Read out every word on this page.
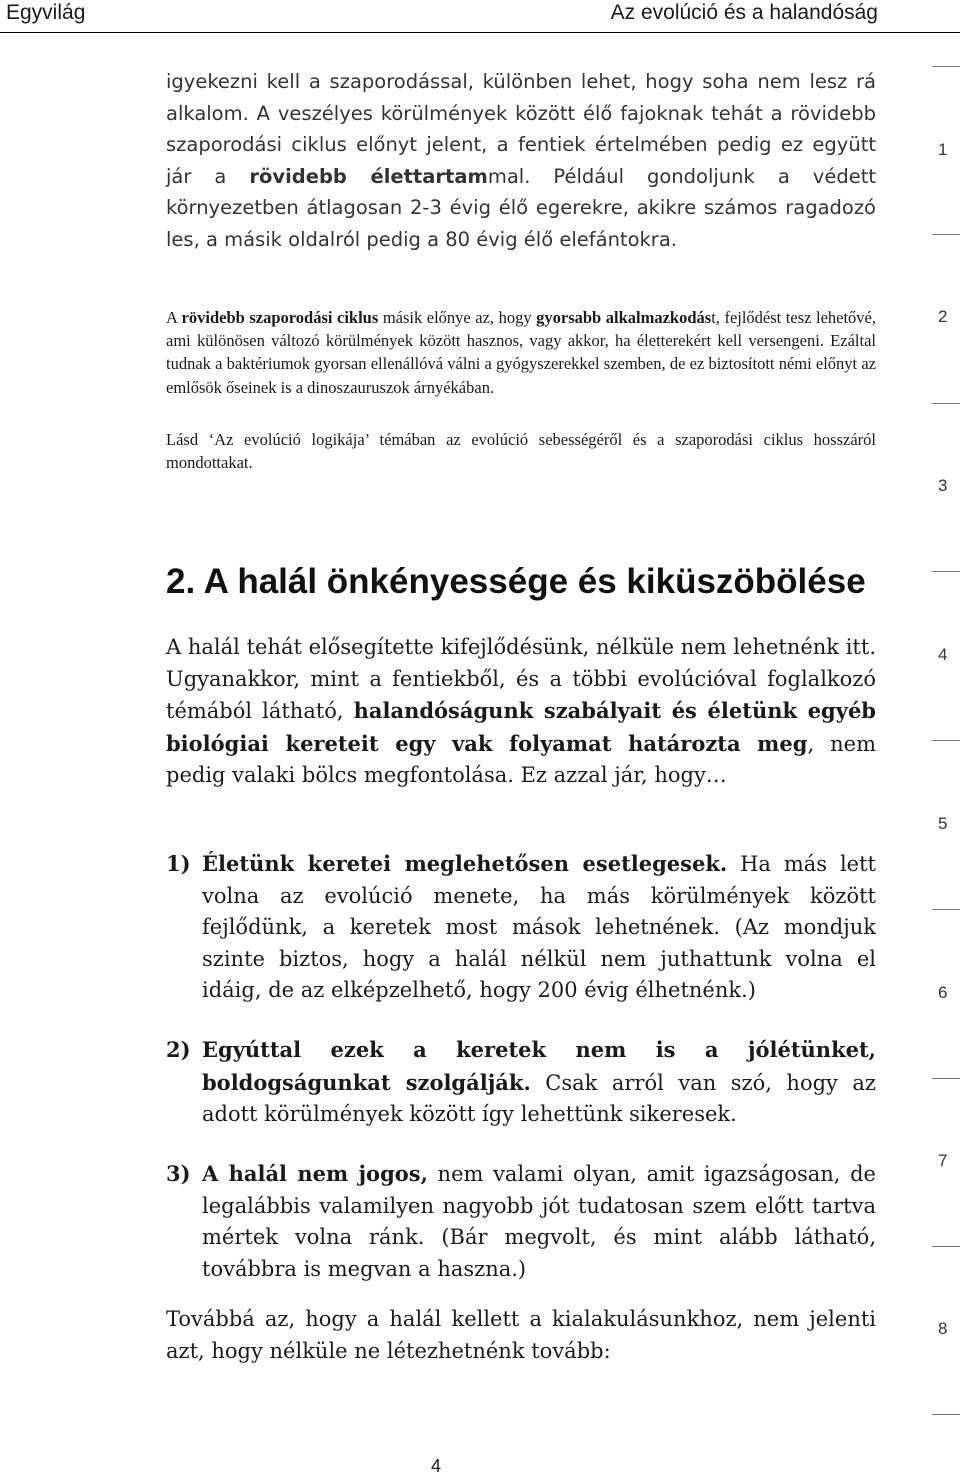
Egyvilág	Az evolúció és a halandóság
igyekezni kell a szaporodással, különben lehet, hogy soha nem lesz rá alkalom. A veszélyes körülmények között élő fajoknak tehát a rövidebb szaporodási ciklus előnyt jelent, a fentiek értelmében pedig ez együtt jár a rövidebb élettartammal. Például gondoljunk a védett környezetben átlagosan 2-3 évig élő egerekre, akikre számos ragadozó les, a másik oldalról pedig a 80 évig élő elefántokra.
A rövidebb szaporodási ciklus másik előnye az, hogy gyorsabb alkalmazkodást, fejlődést tesz lehetővé, ami különösen változó körülmények között hasznos, vagy akkor, ha életterekért kell versengeni. Ezáltal tudnak a baktériumok gyorsan ellenállóvá válni a gyógyszerekkel szemben, de ez biztosított némi előnyt az emlősök őseinek is a dinoszauruszok árnyékában.
Lásd ‘Az evolúció logikája’ témában az evolúció sebességéről és a szaporodási ciklus hosszáról mondottakat.
2. A halál önkényessége és kiküszöbölése
A halál tehát elősegítette kifejlődésünk, nélküle nem lehetnénk itt. Ugyanakkor, mint a fentiekből, és a többi evolúcióval foglalkozó témából látható, halandóságunk szabályait és életünk egyéb biológiai kereteit egy vak folyamat határozta meg, nem pedig valaki bölcs megfontolása. Ez azzal jár, hogy…
1) Életünk keretei meglehetősen esetlegesek. Ha más lett volna az evolúció menete, ha más körülmények között fejlődünk, a keretek most mások lehetnének. (Az mondjuk szinte biztos, hogy a halál nélkül nem juthattunk volna el idáig, de az elképzelhető, hogy 200 évig élhetnénk.)
2) Egyúttal ezek a keretek nem is a jólétünket, boldogságunkat szolgálják. Csak arról van szó, hogy az adott körülmények között így lehettünk sikeresek.
3) A halál nem jogos, nem valami olyan, amit igazságosan, de legalábbis valamilyen nagyobb jót tudatosan szem előtt tartva mértek volna ránk. (Bár megvolt, és mint alább látható, továbbra is megvan a haszna.)
Továbbá az, hogy a halál kellett a kialakulásunkhoz, nem jelenti azt, hogy nélküle ne létezhetnénk tovább:
1
2
3
4
5
6
7
8
4
